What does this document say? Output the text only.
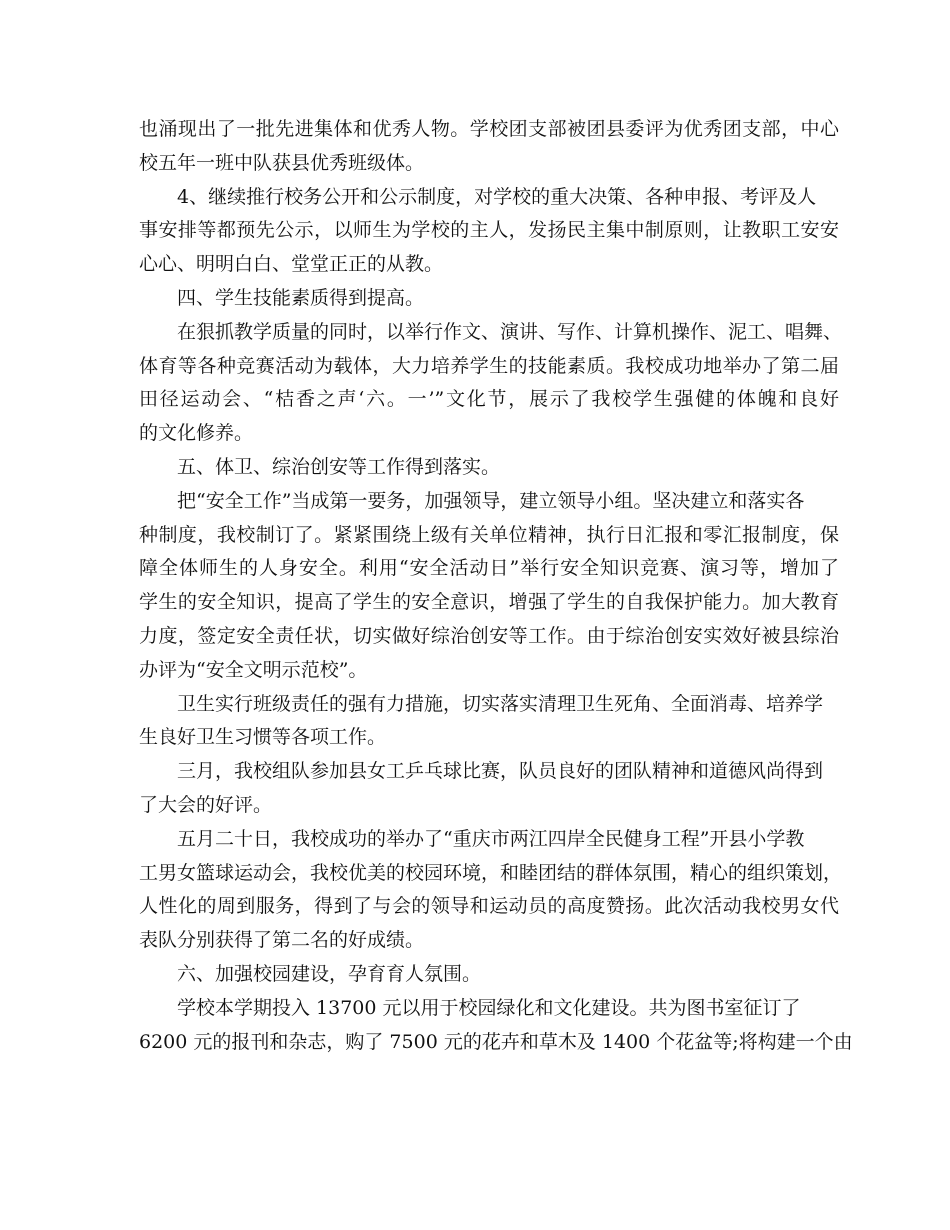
也涌现出了一批先进集体和优秀人物。学校团支部被团县委评为优秀团支部，中心
校五年一班中队获县优秀班级体。
4、继续推行校务公开和公示制度，对学校的重大决策、各种申报、考评及人
事安排等都预先公示，以师生为学校的主人，发扬民主集中制原则，让教职工安安
心心、明明白白、堂堂正正的从教。
四、学生技能素质得到提高。
在狠抓教学质量的同时，以举行作文、演讲、写作、计算机操作、泥工、唱舞、
体育等各种竞赛活动为载体，大力培养学生的技能素质。我校成功地举办了第二届
田径运动会、“桔香之声‘六。一’”文化节，展示了我校学生强健的体魄和良好
的文化修养。
五、体卫、综治创安等工作得到落实。
把“安全工作”当成第一要务，加强领导，建立领导小组。坚决建立和落实各
种制度，我校制订了。紧紧围绕上级有关单位精神，执行日汇报和零汇报制度，保
障全体师生的人身安全。利用“安全活动日”举行安全知识竞赛、演习等，增加了
学生的安全知识，提高了学生的安全意识，增强了学生的自我保护能力。加大教育
力度，签定安全责任状，切实做好综治创安等工作。由于综治创安实效好被县综治
办评为“安全文明示范校”。
卫生实行班级责任的强有力措施，切实落实清理卫生死角、全面消毒、培养学
生良好卫生习惯等各项工作。
三月，我校组队参加县女工乒乓球比赛，队员良好的团队精神和道德风尚得到
了大会的好评。
五月二十日，我校成功的举办了“重庆市两江四岸全民健身工程”开县小学教
工男女篮球运动会，我校优美的校园环境，和睦团结的群体氛围，精心的组织策划，
人性化的周到服务，得到了与会的领导和运动员的高度赞扬。此次活动我校男女代
表队分别获得了第二名的好成绩。
六、加强校园建设，孕育育人氛围。
学校本学期投入 13700 元以用于校园绿化和文化建设。共为图书室征订了
6200 元的报刊和杂志，购了 7500 元的花卉和草木及 1400 个花盆等;将构建一个由
